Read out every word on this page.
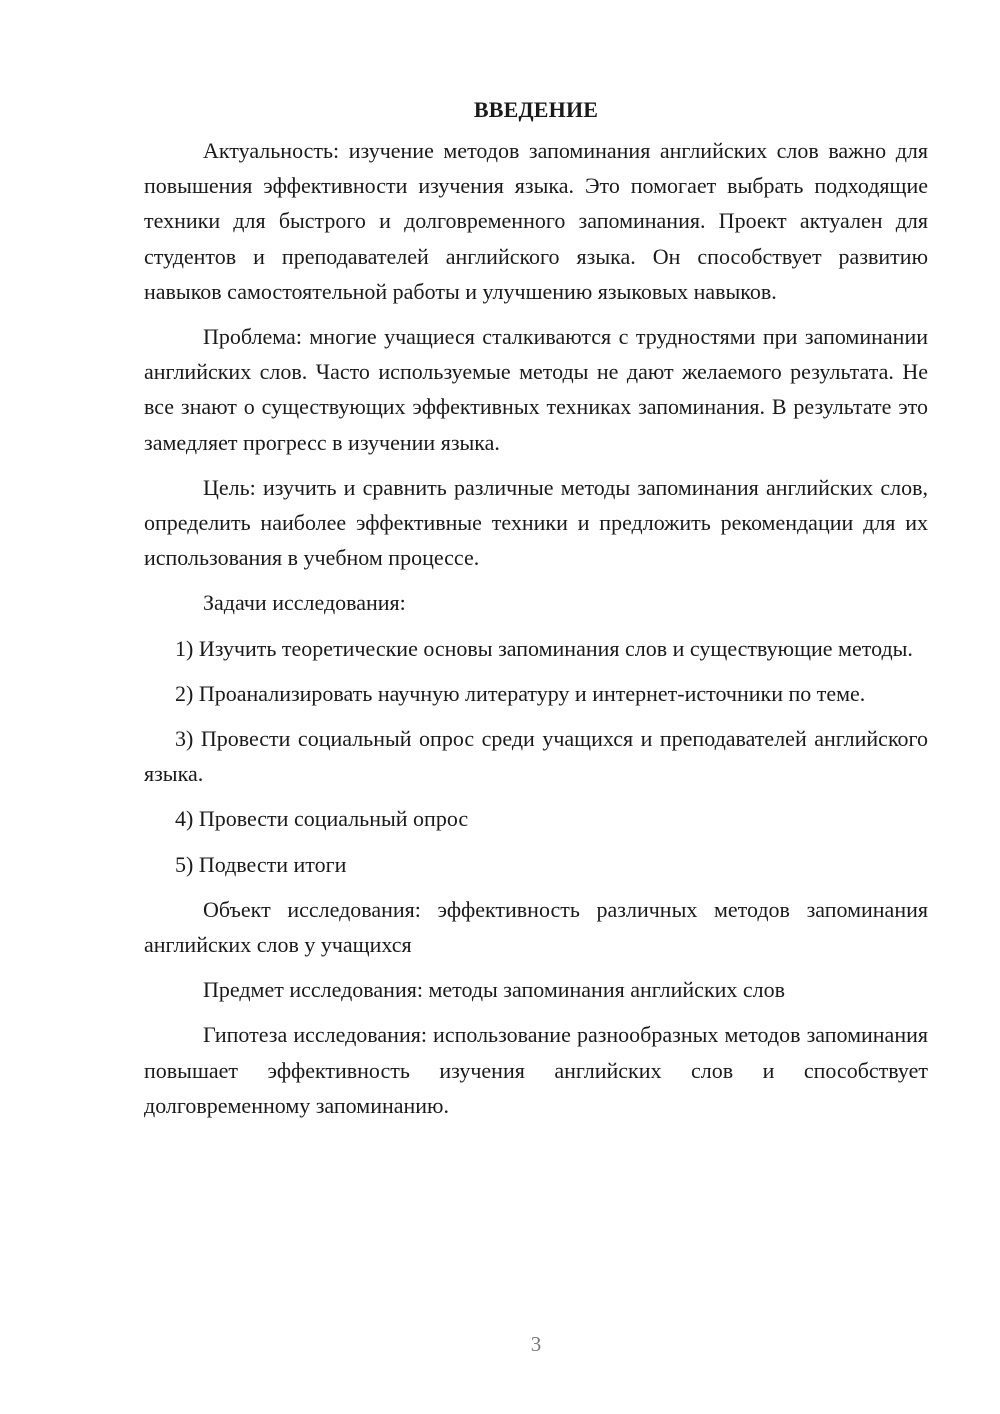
ВВЕДЕНИЕ

Актуальность: изучение методов запоминания английских слов важно для повышения эффективности изучения языка. Это помогает выбрать подходящие техники для быстрого и долговременного запоминания. Проект актуален для студентов и преподавателей английского языка. Он способствует развитию навыков самостоятельной работы и улучшению языковых навыков.

Проблема: многие учащиеся сталкиваются с трудностями при запоминании английских слов. Часто используемые методы не дают желаемого результата. Не все знают о существующих эффективных техниках запоминания. В результате это замедляет прогресс в изучении языка.

Цель: изучить и сравнить различные методы запоминания английских слов, определить наиболее эффективные техники и предложить рекомендации для их использования в учебном процессе.

Задачи исследования:

1) Изучить теоретические основы запоминания слов и существующие методы.

2) Проанализировать научную литературу и интернет-источники по теме.

3) Провести социальный опрос среди учащихся и преподавателей английского языка.

4) Провести социальный опрос

5) Подвести итоги

Объект исследования: эффективность различных методов запоминания английских слов у учащихся

Предмет исследования: методы запоминания английских слов

Гипотеза исследования: использование разнообразных методов запоминания повышает эффективность изучения английских слов и способствует долговременному запоминанию.

3
